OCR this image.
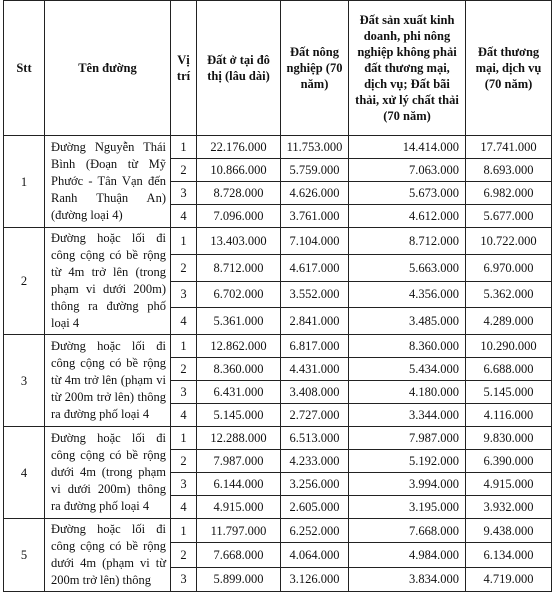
Stt	Tên đường	Vị trí	Đất ở tại đô thị (lâu dài)	Đất nông nghiệp (70 năm)	Đất sản xuất kinh doanh, phi nông nghiệp không phải đất thương mại, dịch vụ; Đất bãi thải, xử lý chất thải (70 năm)	Đất thương mại, dịch vụ (70 năm)
1	Đường Nguyễn Thái Bình (Đoạn từ Mỹ Phước - Tân Vạn đến Ranh Thuận An) (đường loại 4)	1	22.176.000	11.753.000	14.414.000	17.741.000
		2	10.866.000	5.759.000	7.063.000	8.693.000
		3	8.728.000	4.626.000	5.673.000	6.982.000
		4	7.096.000	3.761.000	4.612.000	5.677.000
2	Đường hoặc lối đi công cộng có bề rộng từ 4m trở lên (trong phạm vi dưới 200m) thông ra đường phố loại 4	1	13.403.000	7.104.000	8.712.000	10.722.000
		2	8.712.000	4.617.000	5.663.000	6.970.000
		3	6.702.000	3.552.000	4.356.000	5.362.000
		4	5.361.000	2.841.000	3.485.000	4.289.000
3	Đường hoặc lối đi công cộng có bề rộng từ 4m trở lên (phạm vi từ 200m trở lên) thông ra đường phố loại 4	1	12.862.000	6.817.000	8.360.000	10.290.000
		2	8.360.000	4.431.000	5.434.000	6.688.000
		3	6.431.000	3.408.000	4.180.000	5.145.000
		4	5.145.000	2.727.000	3.344.000	4.116.000
4	Đường hoặc lối đi công cộng có bề rộng dưới 4m (trong phạm vi dưới 200m) thông ra đường phố loại 4	1	12.288.000	6.513.000	7.987.000	9.830.000
		2	7.987.000	4.233.000	5.192.000	6.390.000
		3	6.144.000	3.256.000	3.994.000	4.915.000
		4	4.915.000	2.605.000	3.195.000	3.932.000
5	Đường hoặc lối đi công cộng có bề rộng dưới 4m (phạm vi từ 200m trở lên) thông	1	11.797.000	6.252.000	7.668.000	9.438.000
		2	7.668.000	4.064.000	4.984.000	6.134.000
		3	5.899.000	3.126.000	3.834.000	4.719.000
